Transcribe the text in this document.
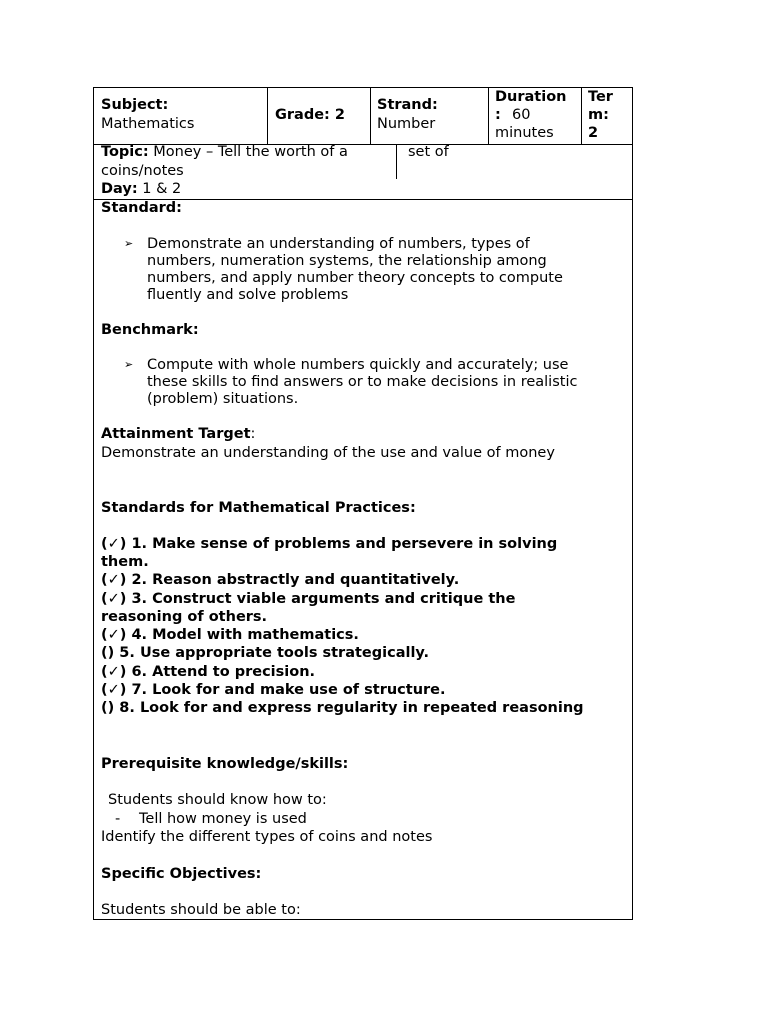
Subject:
Mathematics
Grade: 2
Strand:
Number
Duration
: 60
minutes
Ter
m:
2
Topic: Money – Tell the worth of a	set of
coins/notes
Day: 1 & 2
Standard:
➢ Demonstrate an understanding of numbers, types of
numbers, numeration systems, the relationship among
numbers, and apply number theory concepts to compute
fluently and solve problems
Benchmark:
➢ Compute with whole numbers quickly and accurately; use
these skills to find answers or to make decisions in realistic
(problem) situations.
Attainment Target:
Demonstrate an understanding of the use and value of money
Standards for Mathematical Practices:
(✓) 1. Make sense of problems and persevere in solving
them.
(✓) 2. Reason abstractly and quantitatively.
(✓) 3. Construct viable arguments and critique the
reasoning of others.
(✓) 4. Model with mathematics.
() 5. Use appropriate tools strategically.
(✓) 6. Attend to precision.
(✓) 7. Look for and make use of structure.
() 8. Look for and express regularity in repeated reasoning
Prerequisite knowledge/skills:
Students should know how to:
- Tell how money is used
Identify the different types of coins and notes
Specific Objectives:
Students should be able to:
